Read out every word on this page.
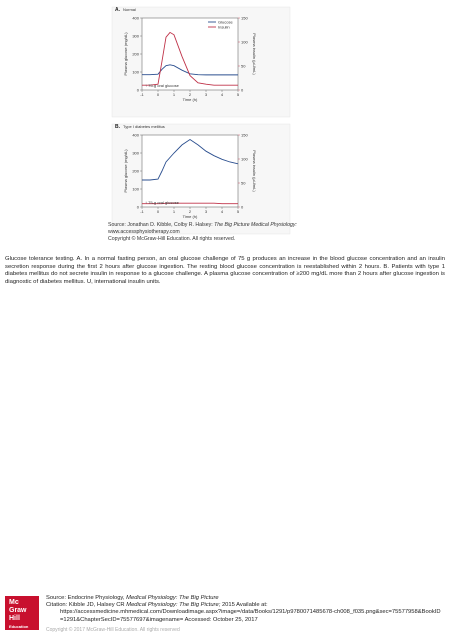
A. Normal
-1	0	1	2	3	4	5
Time (h)
0
100
200
300
400
Plasma glucose (mg/dL)
0
50
100
150
Plasma insulin (µU/mL)
Glucose
Insulin
↑ 75-g oral glucose
B. Type I diabetes mellitus
-1	0	1	2	3	4	5
Time (h)
0
100
200
300
400
Plasma glucose (mg/dL)
0
50
100
150
Plasma insulin (µU/mL)
↑ 75-g oral glucose
Source: Jonathan D. Kibble, Colby R. Halsey: The Big Picture Medical Physiology:
www.accessphysiotherapy.com
Copyright © McGraw-Hill Education. All rights reserved.
Glucose tolerance testing. A. In a normal fasting person, an oral glucose challenge of 75 g produces an increase in the blood glucose concentration and an insulin secretion response during the first 2 hours after glucose ingestion. The resting blood glucose concentration is reestablished within 2 hours. B. Patients with type 1 diabetes mellitus do not secrete insulin in response to a glucose challenge. A plasma glucose concentration of ≥200 mg/dL more than 2 hours after glucose ingestion is diagnostic of diabetes mellitus. U, international insulin units.
Mc
Graw
Hill
Education
Source: Endocrine Physiology, Medical Physiology: The Big Picture
Citation: Kibble JD, Halsey CR Medical Physiology: The Big Picture; 2015 Available at:
https://accessmedicine.mhmedical.com/Downloadimage.aspx?image=/data/Books/1291/p9780071485678-ch008_f035.png&sec=75577958&BookID=1291&ChapterSecID=75577697&imagename= Accessed: October 25, 2017
Copyright © 2017 McGraw-Hill Education. All rights reserved
